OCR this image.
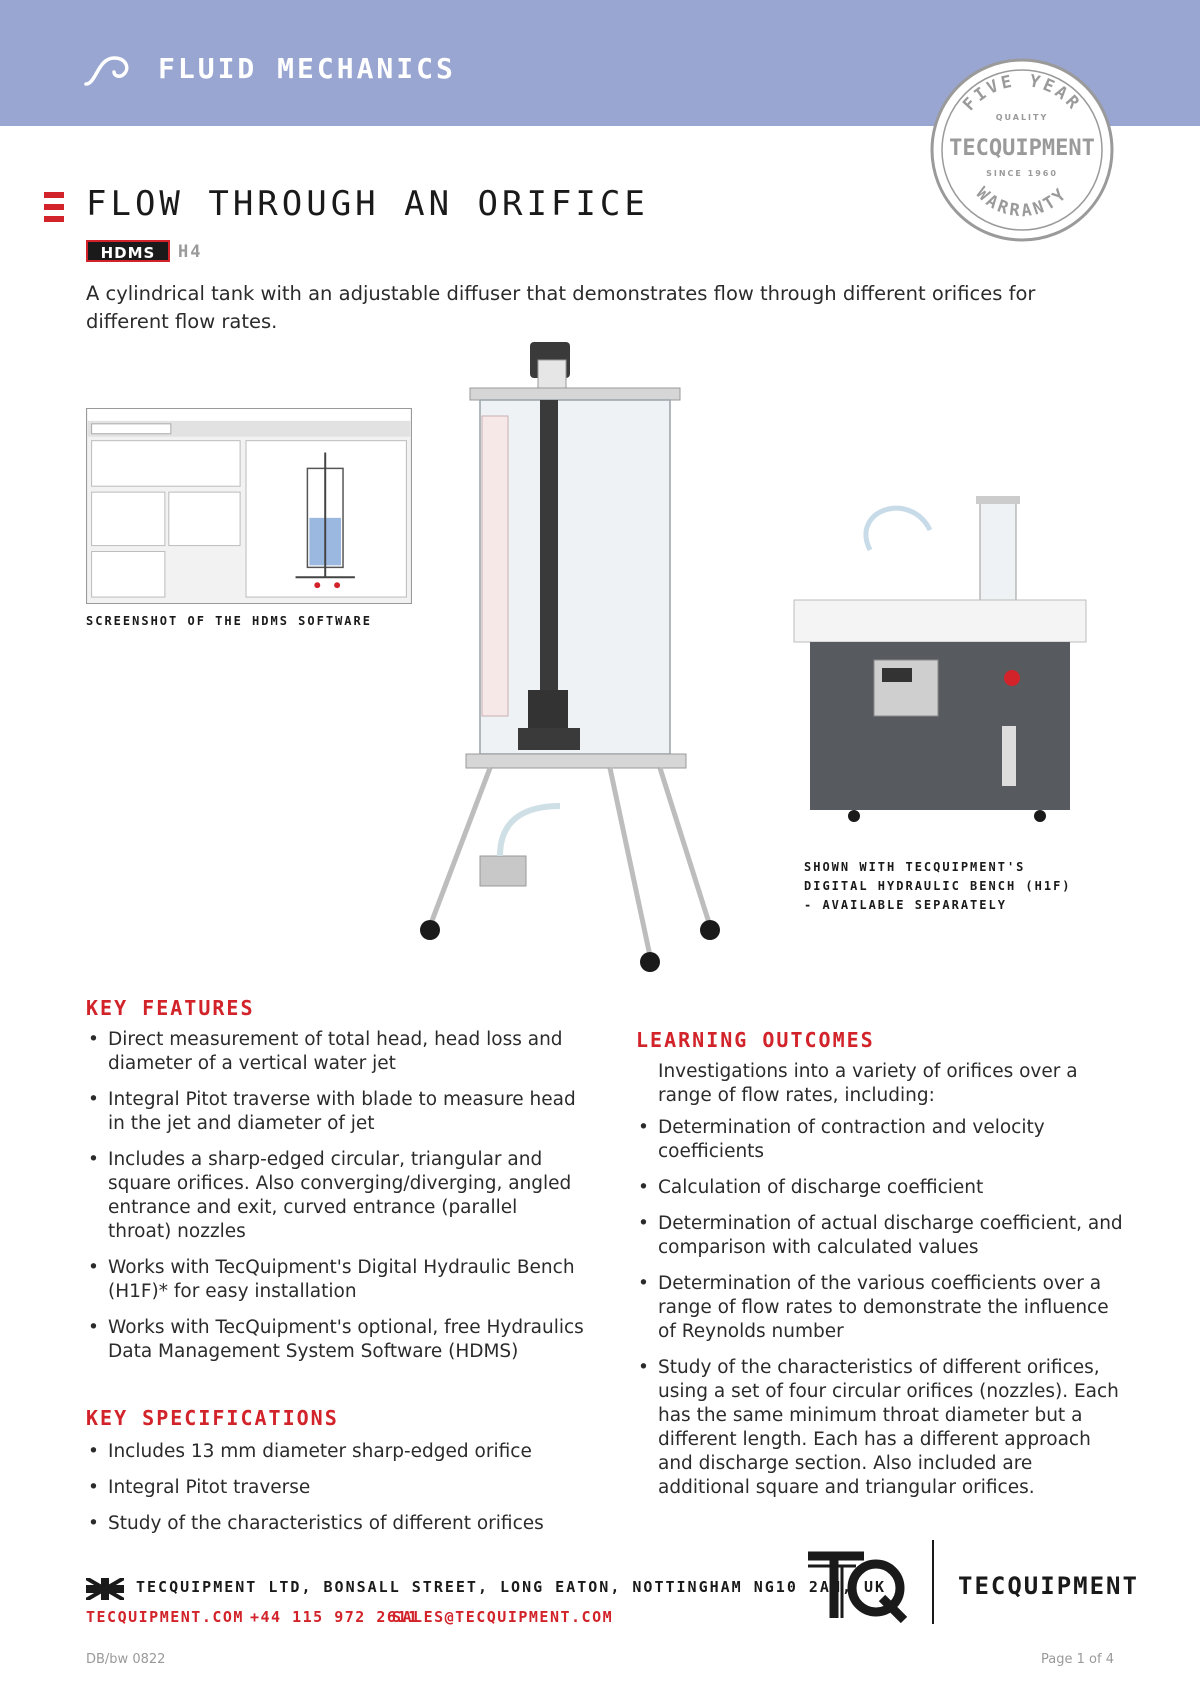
FLUID MECHANICS
FIVE YEAR
QUALITY
TECQUIPMENT
SINCE 1960
WARRANTY
FLOW THROUGH AN ORIFICE
HDMS	H4
A cylindrical tank with an adjustable diffuser that demonstrates flow through different orifices for different flow rates.
SCREENSHOT OF THE HDMS SOFTWARE
SHOWN WITH TECQUIPMENT'S DIGITAL HYDRAULIC BENCH (H1F) - AVAILABLE SEPARATELY
KEY FEATURES
• Direct measurement of total head, head loss and diameter of a vertical water jet
• Integral Pitot traverse with blade to measure head in the jet and diameter of jet
• Includes a sharp-edged circular, triangular and square orifices. Also converging/diverging, angled entrance and exit, curved entrance (parallel throat) nozzles
• Works with TecQuipment's Digital Hydraulic Bench (H1F)* for easy installation
• Works with TecQuipment's optional, free Hydraulics Data Management System Software (HDMS)
KEY SPECIFICATIONS
• Includes 13 mm diameter sharp-edged orifice
• Integral Pitot traverse
• Study of the characteristics of different orifices
LEARNING OUTCOMES
Investigations into a variety of orifices over a range of flow rates, including:
• Determination of contraction and velocity coefficients
• Calculation of discharge coefficient
• Determination of actual discharge coefficient, and comparison with calculated values
• Determination of the various coefficients over a range of flow rates to demonstrate the influence of Reynolds number
• Study of the characteristics of different orifices, using a set of four circular orifices (nozzles). Each has the same minimum throat diameter but a different length. Each has a different approach and discharge section. Also included are additional square and triangular orifices.
TECQUIPMENT LTD, BONSALL STREET, LONG EATON, NOTTINGHAM NG10 2AN, UK
TECQUIPMENT.COM +44 115 972 2611
SALES@TECQUIPMENT.COM
TECQUIPMENT
DB/bw 0822	Page 1 of 4
